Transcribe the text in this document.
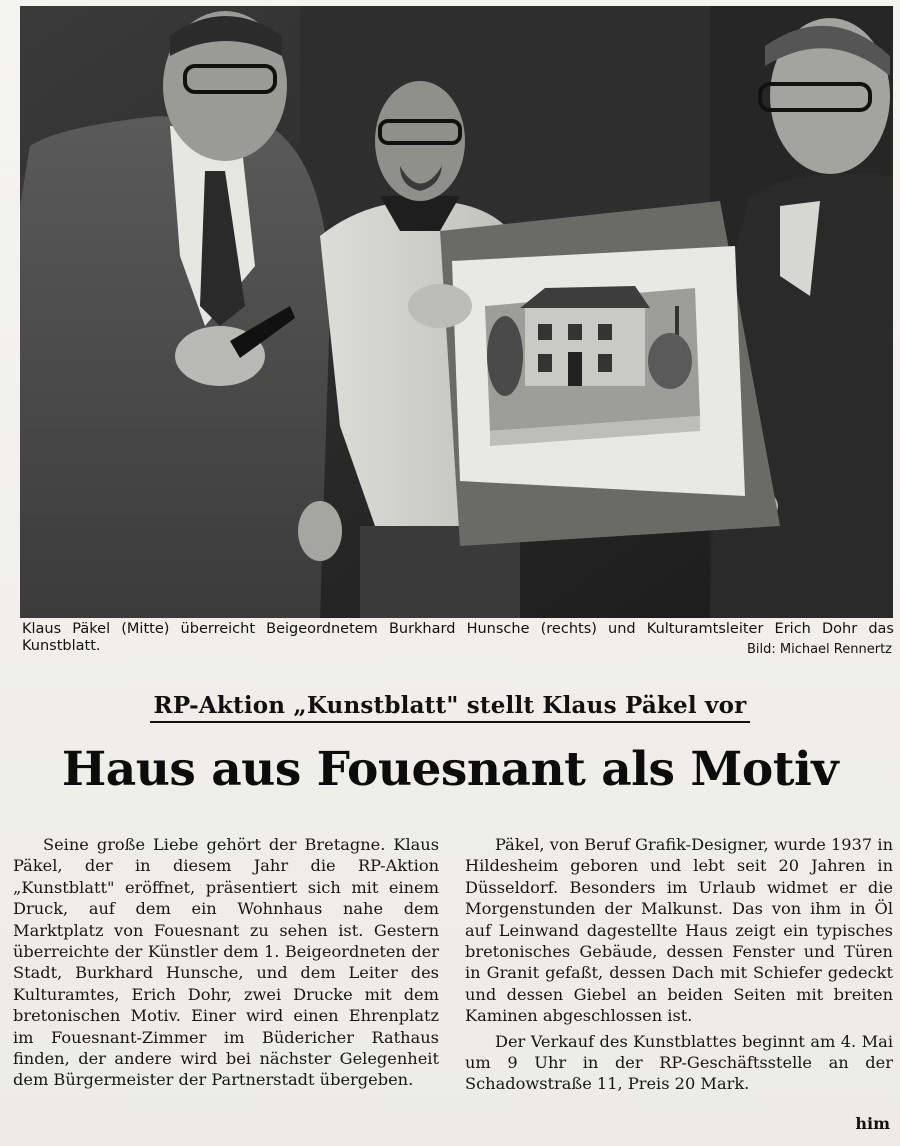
Klaus Päkel (Mitte) überreicht Beigeordnetem Burkhard Hunsche (rechts) und Kulturamtsleiter Erich Dohr das Kunstblatt.	Bild: Michael Rennertz
RP-Aktion „Kunstblatt" stellt Klaus Päkel vor
Haus aus Fouesnant als Motiv

Seine große Liebe gehört der Bretagne. Klaus Päkel, der in diesem Jahr die RP-Aktion „Kunstblatt" eröffnet, präsentiert sich mit einem Druck, auf dem ein Wohnhaus nahe dem Marktplatz von Fouesnant zu sehen ist. Gestern überreichte der Künstler dem 1. Beigeordneten der Stadt, Burkhard Hunsche, und dem Leiter des Kulturamtes, Erich Dohr, zwei Drucke mit dem bretonischen Motiv. Einer wird einen Ehrenplatz im Fouesnant-Zimmer im Büdericher Rathaus finden, der andere wird bei nächster Gelegenheit dem Bürgermeister der Partnerstadt übergeben.

Päkel, von Beruf Grafik-Designer, wurde 1937 in Hildesheim geboren und lebt seit 20 Jahren in Düsseldorf. Besonders im Urlaub widmet er die Morgenstunden der Malkunst. Das von ihm in Öl auf Leinwand dagestellte Haus zeigt ein typisches bretonisches Gebäude, dessen Fenster und Türen in Granit gefaßt, dessen Dach mit Schiefer gedeckt und dessen Giebel an beiden Seiten mit breiten Kaminen abgeschlossen ist.

Der Verkauf des Kunstblattes beginnt am 4. Mai um 9 Uhr in der RP-Geschäftsstelle an der Schadowstraße 11, Preis 20 Mark.

him
